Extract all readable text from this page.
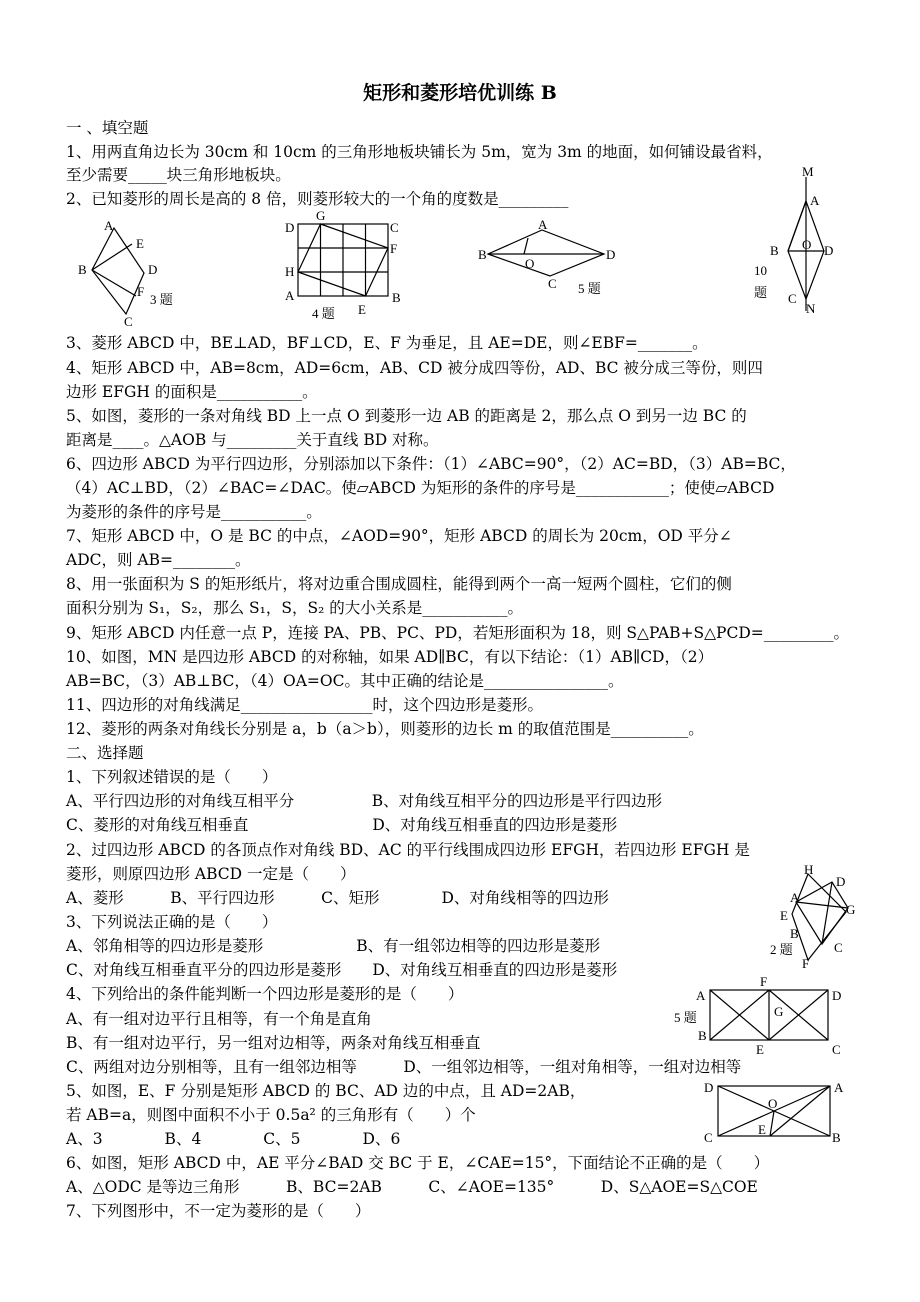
矩形和菱形培优训练 B
一 、填空题
1、用两直角边长为 30cm 和 10cm 的三角形地板块铺长为 5m，宽为 3m 的地面，如何铺设最省料，
至少需要_____块三角形地板块。
2、已知菱形的周长是高的 8 倍，则菱形较大的一个角的度数是_________
3、菱形 ABCD 中，BE⊥AD，BF⊥CD，E、F 为垂足，且 AE=DE，则∠EBF=_______。
4、矩形 ABCD 中，AB=8cm，AD=6cm，AB、CD 被分成四等份，AD、BC 被分成三等份，则四
边形 EFGH 的面积是___________。
5、如图，菱形的一条对角线 BD 上一点 O 到菱形一边 AB 的距离是 2，那么点 O 到另一边 BC 的
距离是____。△AOB 与_________关于直线 BD 对称。
6、四边形 ABCD 为平行四边形，分别添加以下条件：（1）∠ABC=90°，（2）AC=BD，（3）AB=BC，
（4）AC⊥BD，（2）∠BAC=∠DAC。使▱ABCD 为矩形的条件的序号是____________；使使▱ABCD
为菱形的条件的序号是___________。
7、矩形 ABCD 中，O 是 BC 的中点，∠AOD=90°，矩形 ABCD 的周长为 20cm，OD 平分∠
ADC，则 AB=________。
8、用一张面积为 S 的矩形纸片，将对边重合围成圆柱，能得到两个一高一短两个圆柱，它们的侧
面积分别为 S₁，S₂，那么 S₁，S，S₂ 的大小关系是___________。
9、矩形 ABCD 内任意一点 P，连接 PA、PB、PC、PD，若矩形面积为 18，则 S△PAB+S△PCD=_________。
10、如图，MN 是四边形 ABCD 的对称轴，如果 AD∥BC，有以下结论：（1）AB∥CD，（2）
AB=BC，（3）AB⊥BC，（4）OA=OC。其中正确的结论是________________。
11、四边形的对角线满足_________________时，这个四边形是菱形。
12、菱形的两条对角线长分别是 a，b（a＞b），则菱形的边长 m 的取值范围是__________。
二、选择题
1、下列叙述错误的是（　　）
A、平行四边形的对角线互相平分　　　　　B、对角线互相平分的四边形是平行四边形
C、菱形的对角线互相垂直　　　　　　　　D、对角线互相垂直的四边形是菱形
2、过四边形 ABCD 的各顶点作对角线 BD、AC 的平行线围成四边形 EFGH，若四边形 EFGH 是
菱形，则原四边形 ABCD 一定是（　　）
A、菱形　　　B、平行四边形　　　C、矩形　　　　D、对角线相等的四边形
3、下列说法正确的是（　　）
A、邻角相等的四边形是菱形　　　　　　B、有一组邻边相等的四边形是菱形
C、对角线互相垂直平分的四边形是菱形　　D、对角线互相垂直的四边形是菱形
4、下列给出的条件能判断一个四边形是菱形的是（　　）
A、有一组对边平行且相等，有一个角是直角
B、有一组对边平行，另一组对边相等，两条对角线互相垂直
C、两组对边分别相等，且有一组邻边相等　　　D、一组邻边相等，一组对角相等，一组对边相等
5、如图，E、F 分别是矩形 ABCD 的 BC、AD 边的中点，且 AD=2AB，
若 AB=a，则图中面积不小于 0.5a² 的三角形有（　　）个
A、3　　　　B、4　　　　C、5　　　　D、6
6、如图，矩形 ABCD 中，AE 平分∠BAD 交 BC 于 E，∠CAE=15°，下面结论不正确的是（　　）
A、△ODC 是等边三角形　　　B、BC=2AB　　　C、∠AOE=135°　　　D、S△AOE=S△COE
7、下列图形中，不一定为菱形的是（　　）
A
E
B	D
F
C
3 题
G
D	C
F
H
A
E
B
4 题
A
B
O
D
C 5 题
M
A
B O D
C
N
10
题
H
D
A
E	G
B
C
F
2 题
F
A	D
G
B
E	C
5 题
D	A
O
C
E
B
